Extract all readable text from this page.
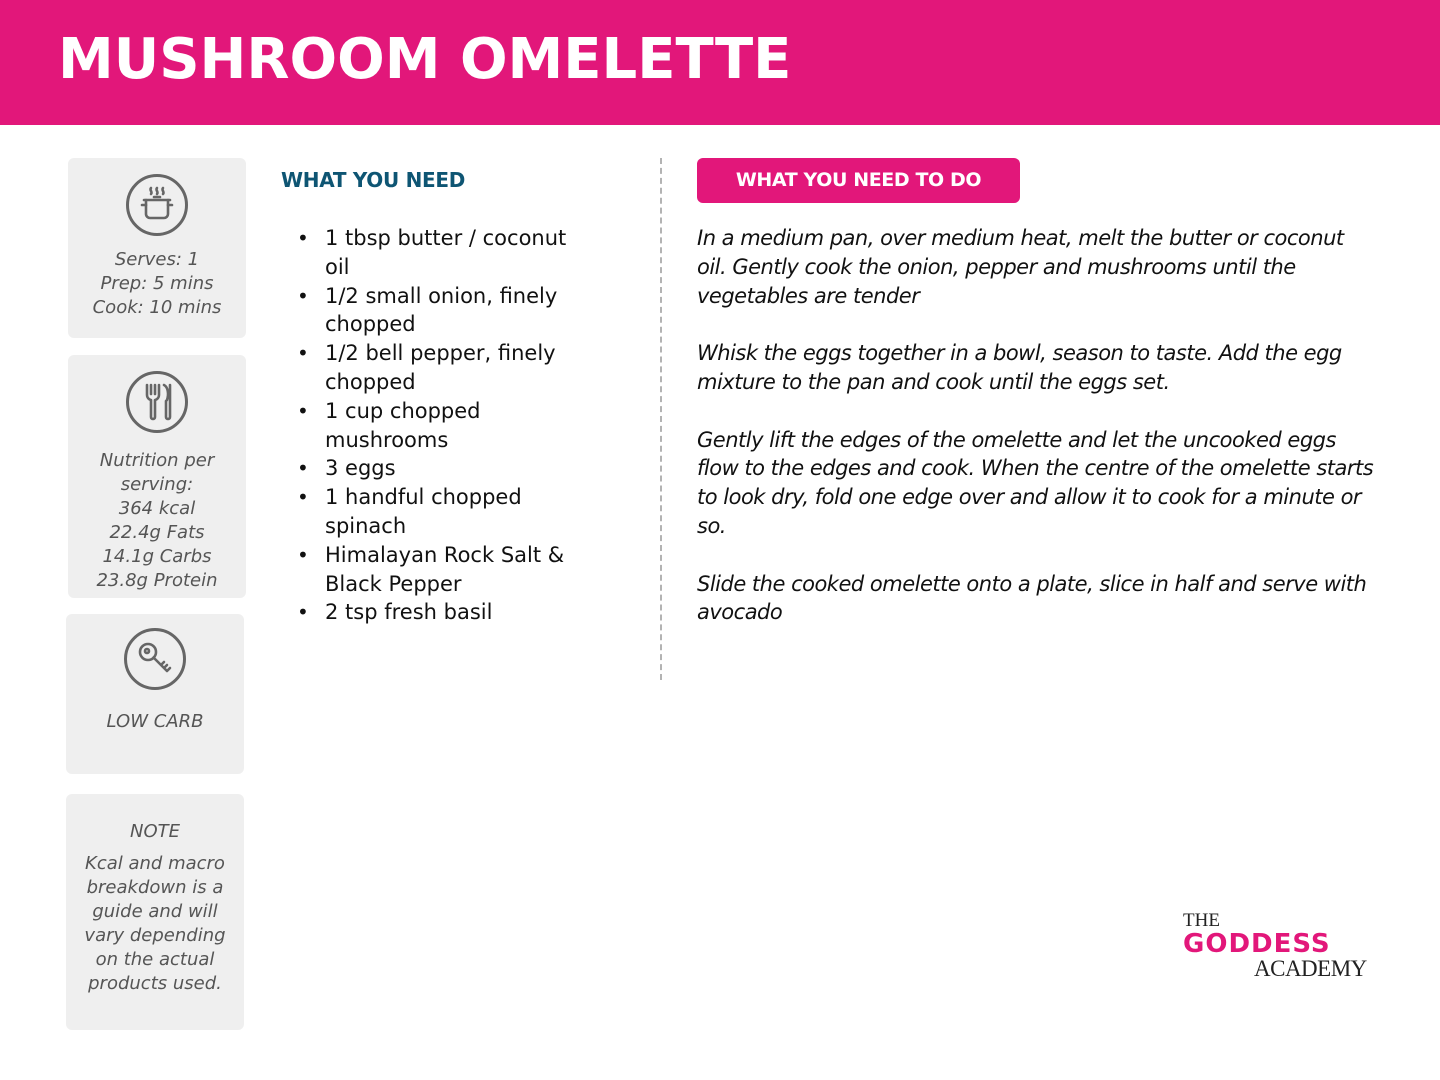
MUSHROOM OMELETTE
Serves: 1
Prep: 5 mins
Cook: 10 mins
Nutrition per
serving:
364 kcal
22.4g Fats
14.1g Carbs
23.8g Protein
LOW CARB
NOTE
Kcal and macro
breakdown is a
guide and will
vary depending
on the actual
products used.
WHAT YOU NEED
• 1 tbsp butter / coconut oil
• 1/2 small onion, finely chopped
• 1/2 bell pepper, finely chopped
• 1 cup chopped mushrooms
• 3 eggs
• 1 handful chopped spinach
• Himalayan Rock Salt & Black Pepper
• 2 tsp fresh basil
WHAT YOU NEED TO DO

In a medium pan, over medium heat, melt the butter or coconut oil. Gently cook the onion, pepper and mushrooms until the vegetables are tender

Whisk the eggs together in a bowl, season to taste. Add the egg mixture to the pan and cook until the eggs set.

Gently lift the edges of the omelette and let the uncooked eggs flow to the edges and cook. When the centre of the omelette starts to look dry, fold one edge over and allow it to cook for a minute or so.

Slide the cooked omelette onto a plate, slice in half and serve with avocado

THE
GODDESS
ACADEMY
